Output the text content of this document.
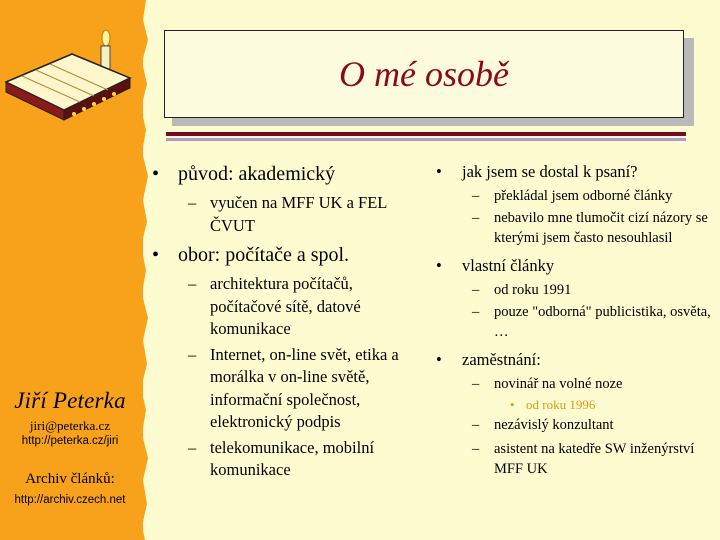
Jiří Peterka
jiri@peterka.cz
http://peterka.cz/jiri
Archiv článků:
http://archiv.czech.net
O mé osobě
• původ: akademický
– vyučen na MFF UK a FEL ČVUT
• obor: počítače a spol.
– architektura počítačů, počítačové sítě, datové komunikace
– Internet, on-line svět, etika a morálka v on-line světě, informační společnost, elektronický podpis
– telekomunikace, mobilní komunikace
• jak jsem se dostal k psaní?
– překládal jsem odborné články
– nebavilo mne tlumočit cizí názory se kterými jsem často nesouhlasil
• vlastní články
– od roku 1991
– pouze "odborná" publicistika, osvěta, …
• zaměstnání:
– novinář na volné noze
• od roku 1996
– nezávislý konzultant
– asistent na katedře SW inženýrství MFF UK
